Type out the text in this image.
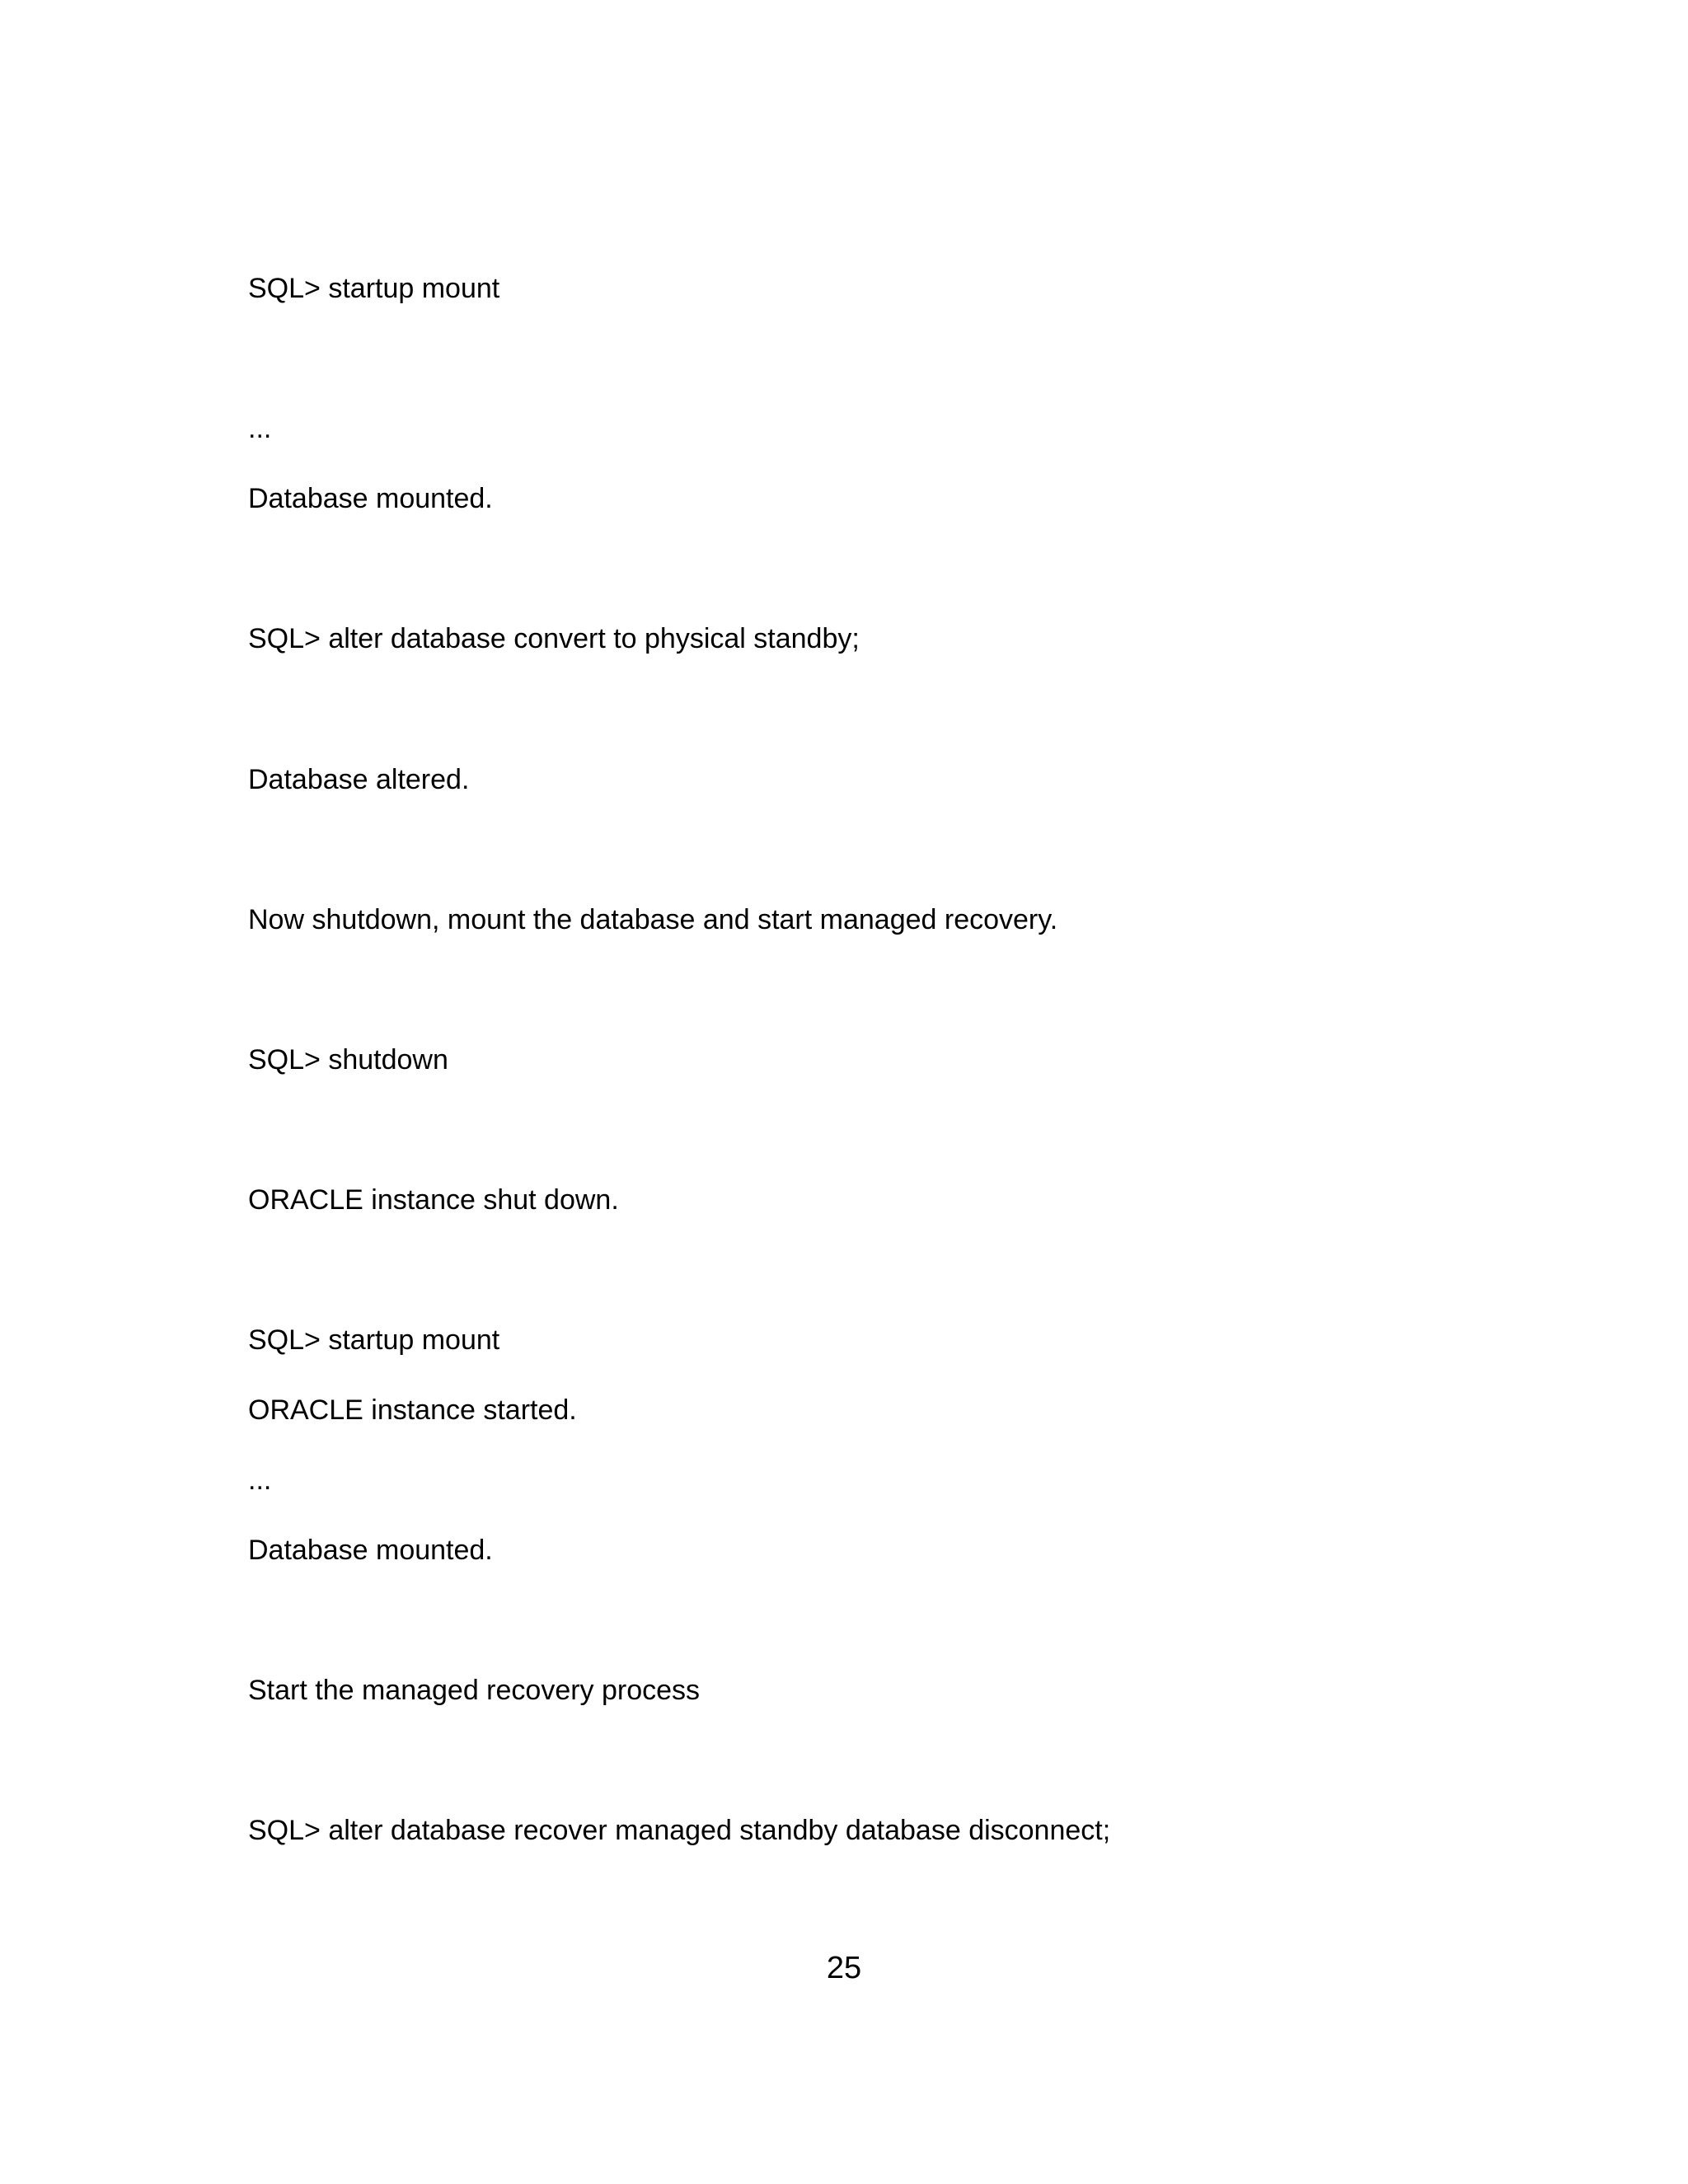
SQL> startup mount
...
Database mounted.
SQL> alter database convert to physical standby;
Database altered.
Now shutdown, mount the database and start managed recovery.
SQL> shutdown
ORACLE instance shut down.
SQL> startup mount
ORACLE instance started.
...
Database mounted.
Start the managed recovery process
SQL> alter database recover managed standby database disconnect;
25
